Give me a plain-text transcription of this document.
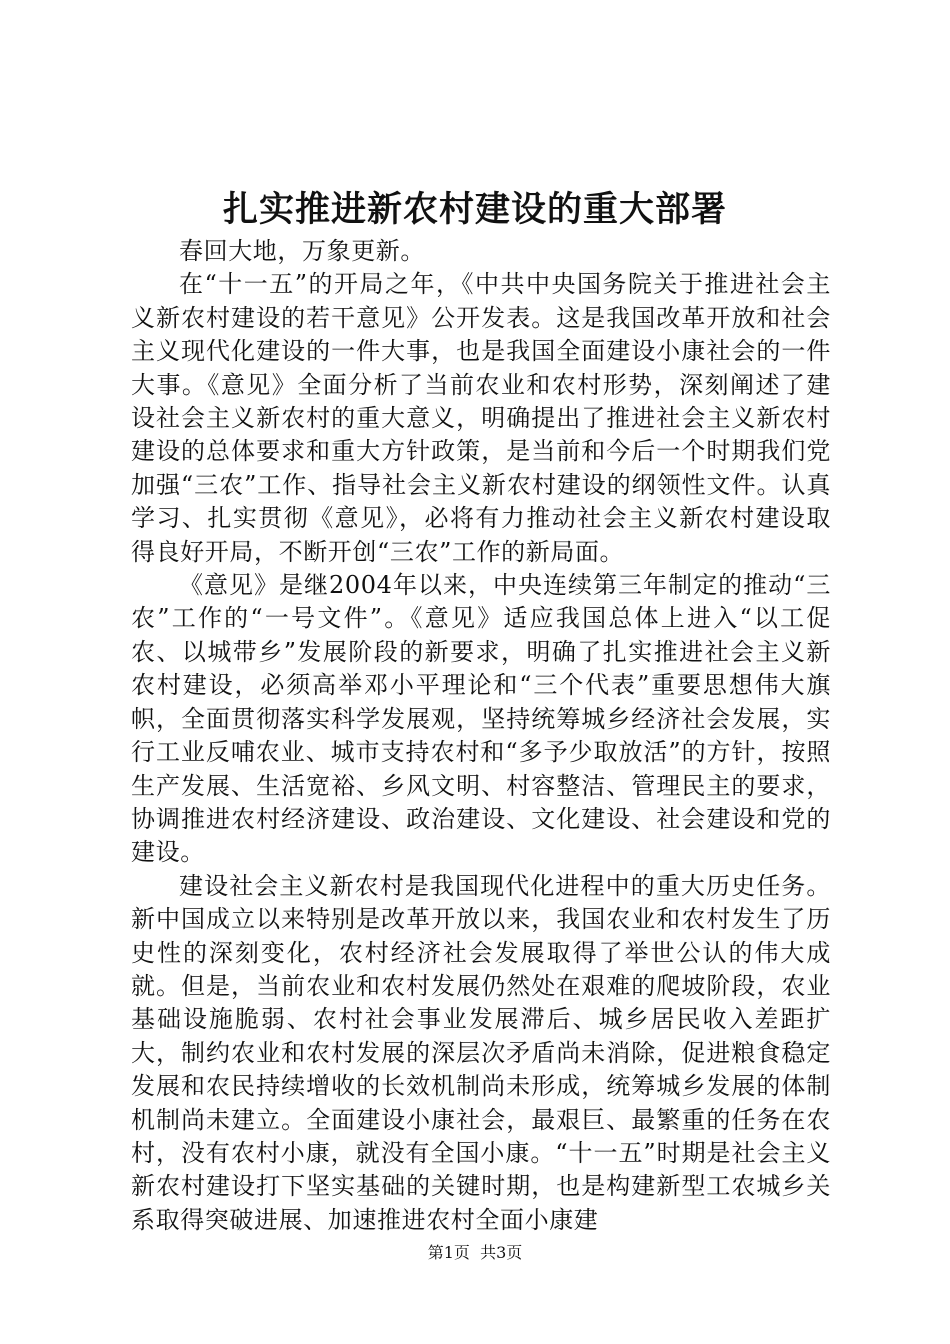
扎实推进新农村建设的重大部署

春回大地，万象更新。

在“十一五”的开局之年，《中共中央国务院关于推进社会主义新农村建设的若干意见》公开发表。这是我国改革开放和社会主义现代化建设的一件大事，也是我国全面建设小康社会的一件大事。《意见》全面分析了当前农业和农村形势，深刻阐述了建设社会主义新农村的重大意义，明确提出了推进社会主义新农村建设的总体要求和重大方针政策，是当前和今后一个时期我们党加强“三农”工作、指导社会主义新农村建设的纲领性文件。认真学习、扎实贯彻《意见》，必将有力推动社会主义新农村建设取得良好开局，不断开创“三农”工作的新局面。

《意见》是继2004年以来，中央连续第三年制定的推动“三农”工作的“一号文件”。《意见》适应我国总体上进入“以工促农、以城带乡”发展阶段的新要求，明确了扎实推进社会主义新农村建设，必须高举邓小平理论和“三个代表”重要思想伟大旗帜，全面贯彻落实科学发展观，坚持统筹城乡经济社会发展，实行工业反哺农业、城市支持农村和“多予少取放活”的方针，按照生产发展、生活宽裕、乡风文明、村容整洁、管理民主的要求，协调推进农村经济建设、政治建设、文化建设、社会建设和党的建设。

建设社会主义新农村是我国现代化进程中的重大历史任务。新中国成立以来特别是改革开放以来，我国农业和农村发生了历史性的深刻变化，农村经济社会发展取得了举世公认的伟大成就。但是，当前农业和农村发展仍然处在艰难的爬坡阶段，农业基础设施脆弱、农村社会事业发展滞后、城乡居民收入差距扩大，制约农业和农村发展的深层次矛盾尚未消除，促进粮食稳定发展和农民持续增收的长效机制尚未形成，统筹城乡发展的体制机制尚未建立。全面建设小康社会，最艰巨、最繁重的任务在农村，没有农村小康，就没有全国小康。“十一五”时期是社会主义新农村建设打下坚实基础的关键时期，也是构建新型工农城乡关系取得突破进展、加速推进农村全面小康建

第1页  共3页
